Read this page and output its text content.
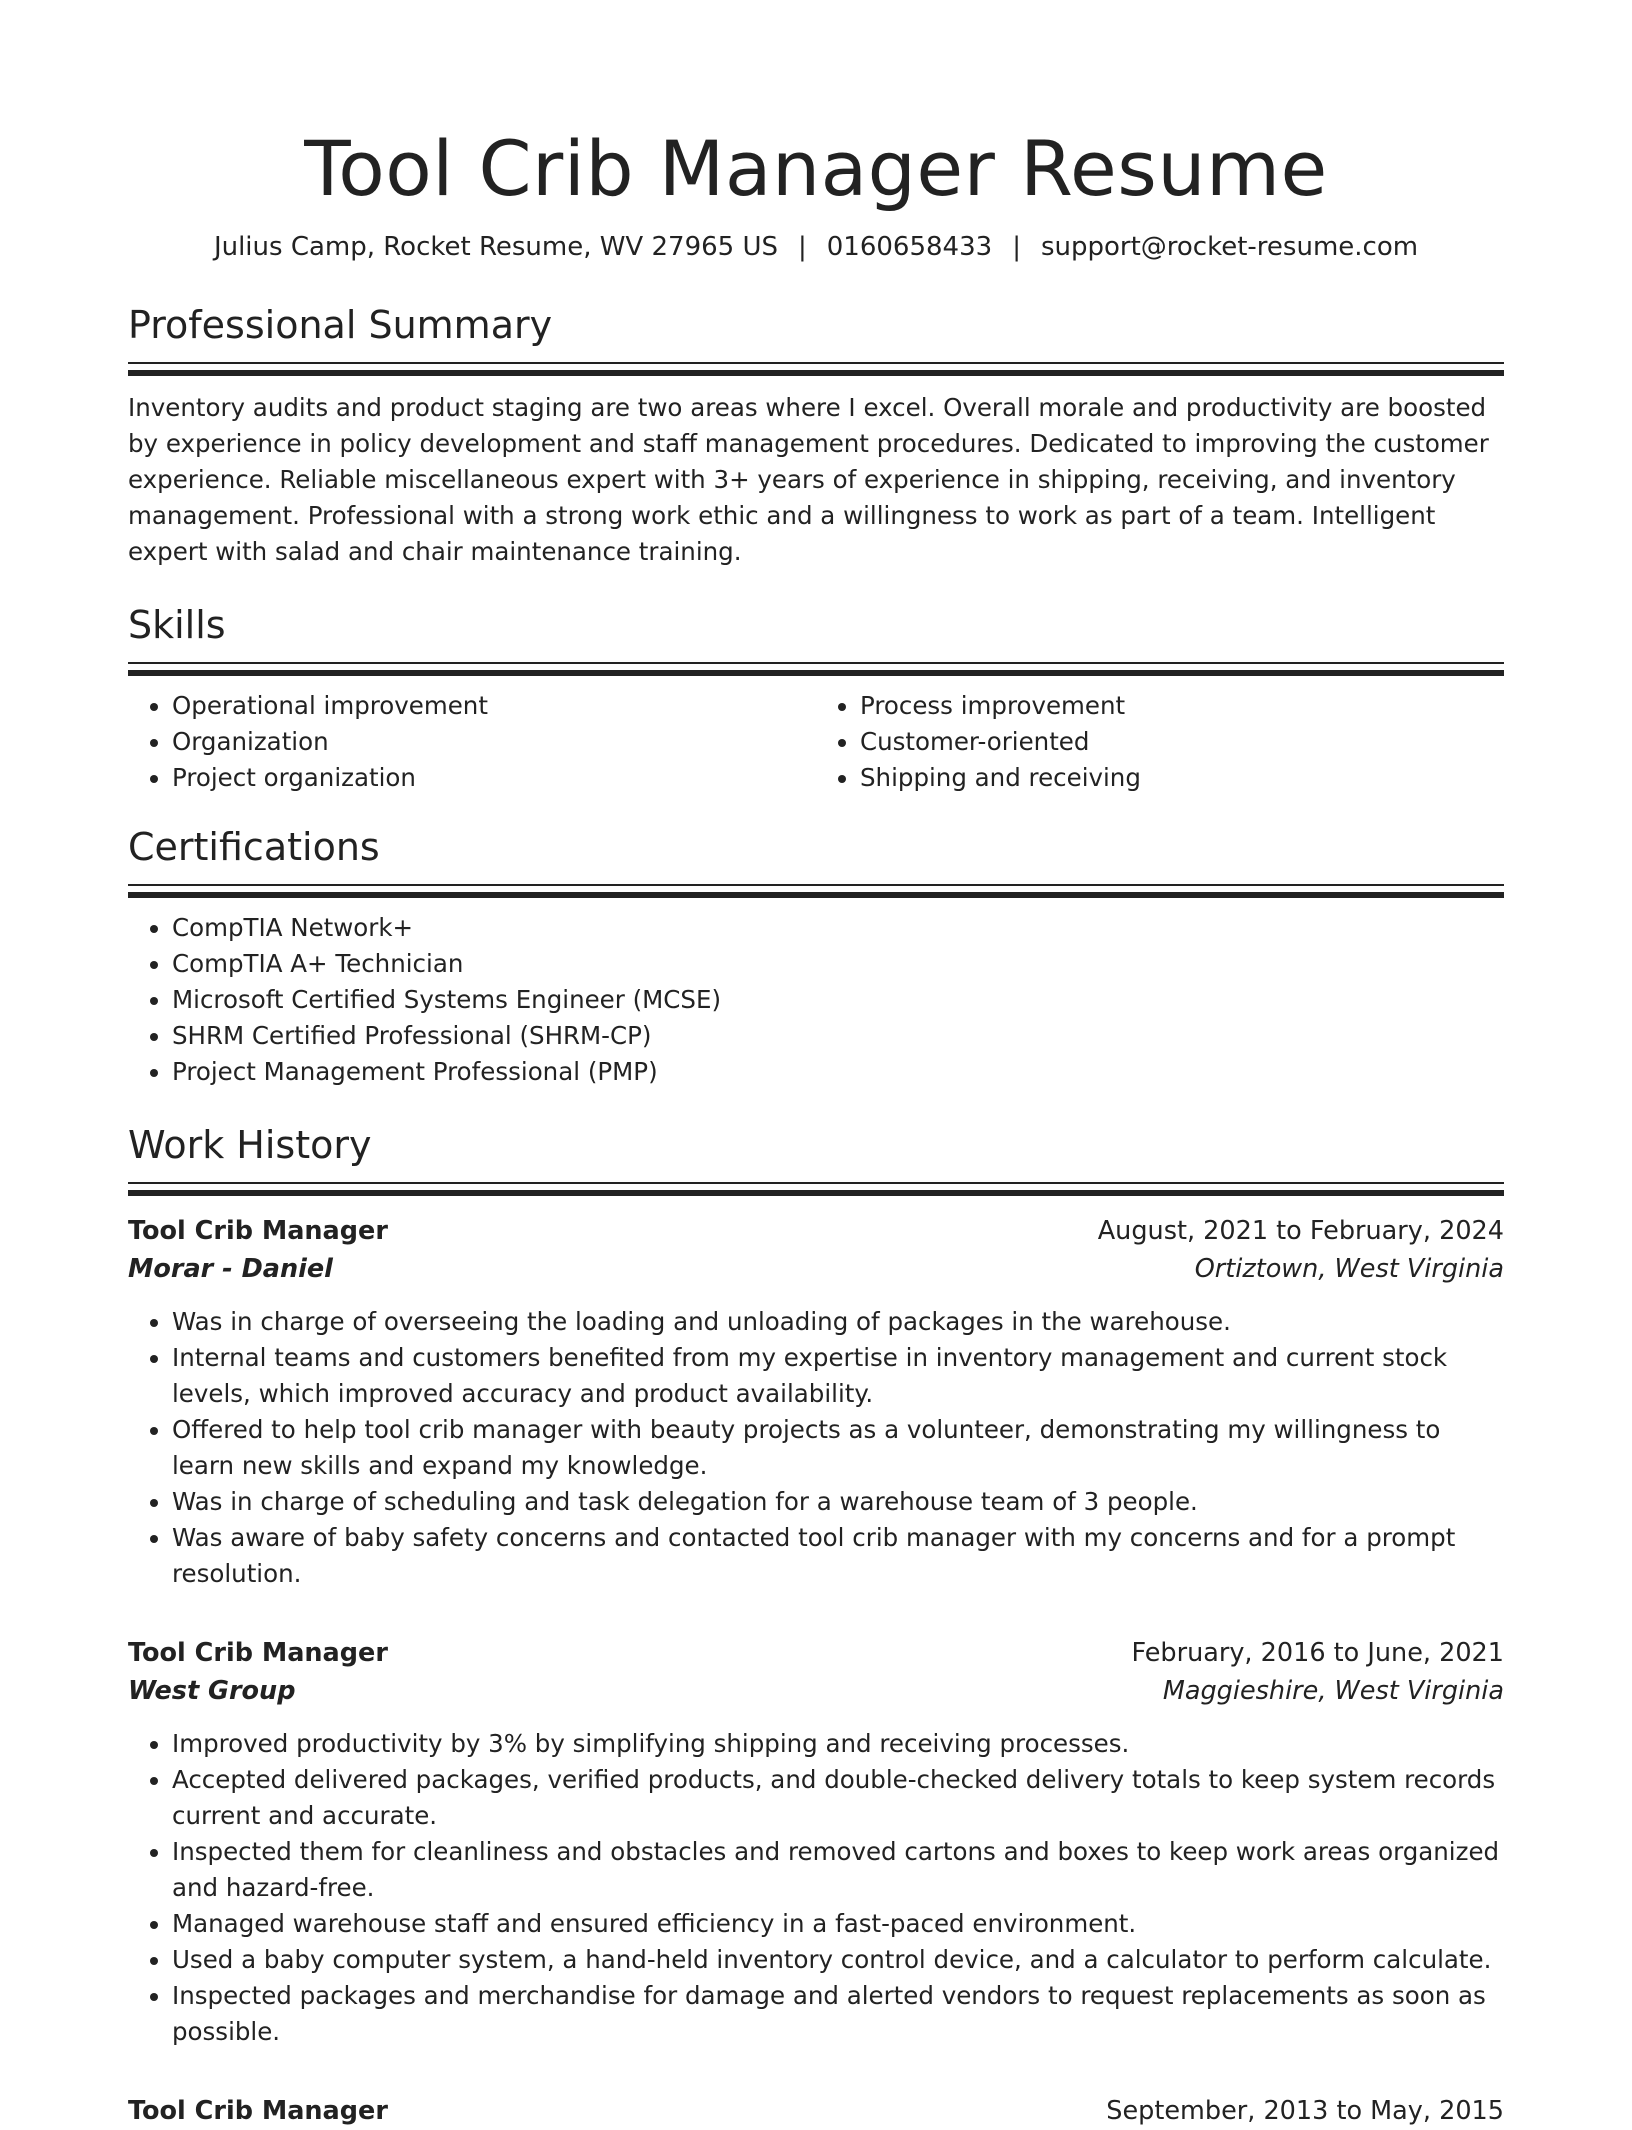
Tool Crib Manager Resume
Julius Camp, Rocket Resume, WV 27965 US | 0160658433 | support@rocket-resume.com
Professional Summary

Inventory audits and product staging are two areas where I excel. Overall morale and productivity are boosted by experience in policy development and staff management procedures. Dedicated to improving the customer experience. Reliable miscellaneous expert with 3+ years of experience in shipping, receiving, and inventory management. Professional with a strong work ethic and a willingness to work as part of a team. Intelligent expert with salad and chair maintenance training.

Skills
• Operational improvement
• Organization
• Project organization
• Process improvement
• Customer-oriented
• Shipping and receiving
Certifications
• CompTIA Network+
• CompTIA A+ Technician
• Microsoft Certified Systems Engineer (MCSE)
• SHRM Certified Professional (SHRM-CP)
• Project Management Professional (PMP)
Work History
Tool Crib Manager	August, 2021 to February, 2024
Morar - Daniel	Ortiztown, West Virginia
• Was in charge of overseeing the loading and unloading of packages in the warehouse.
• Internal teams and customers benefited from my expertise in inventory management and current stock levels, which improved accuracy and product availability.
• Offered to help tool crib manager with beauty projects as a volunteer, demonstrating my willingness to learn new skills and expand my knowledge.
• Was in charge of scheduling and task delegation for a warehouse team of 3 people.
• Was aware of baby safety concerns and contacted tool crib manager with my concerns and for a prompt resolution.
Tool Crib Manager	February, 2016 to June, 2021
West Group	Maggieshire, West Virginia
• Improved productivity by 3% by simplifying shipping and receiving processes.
• Accepted delivered packages, verified products, and double-checked delivery totals to keep system records current and accurate.
• Inspected them for cleanliness and obstacles and removed cartons and boxes to keep work areas organized and hazard-free.
• Managed warehouse staff and ensured efficiency in a fast-paced environment.
• Used a baby computer system, a hand-held inventory control device, and a calculator to perform calculate.
• Inspected packages and merchandise for damage and alerted vendors to request replacements as soon as possible.
Tool Crib Manager	September, 2013 to May, 2015
